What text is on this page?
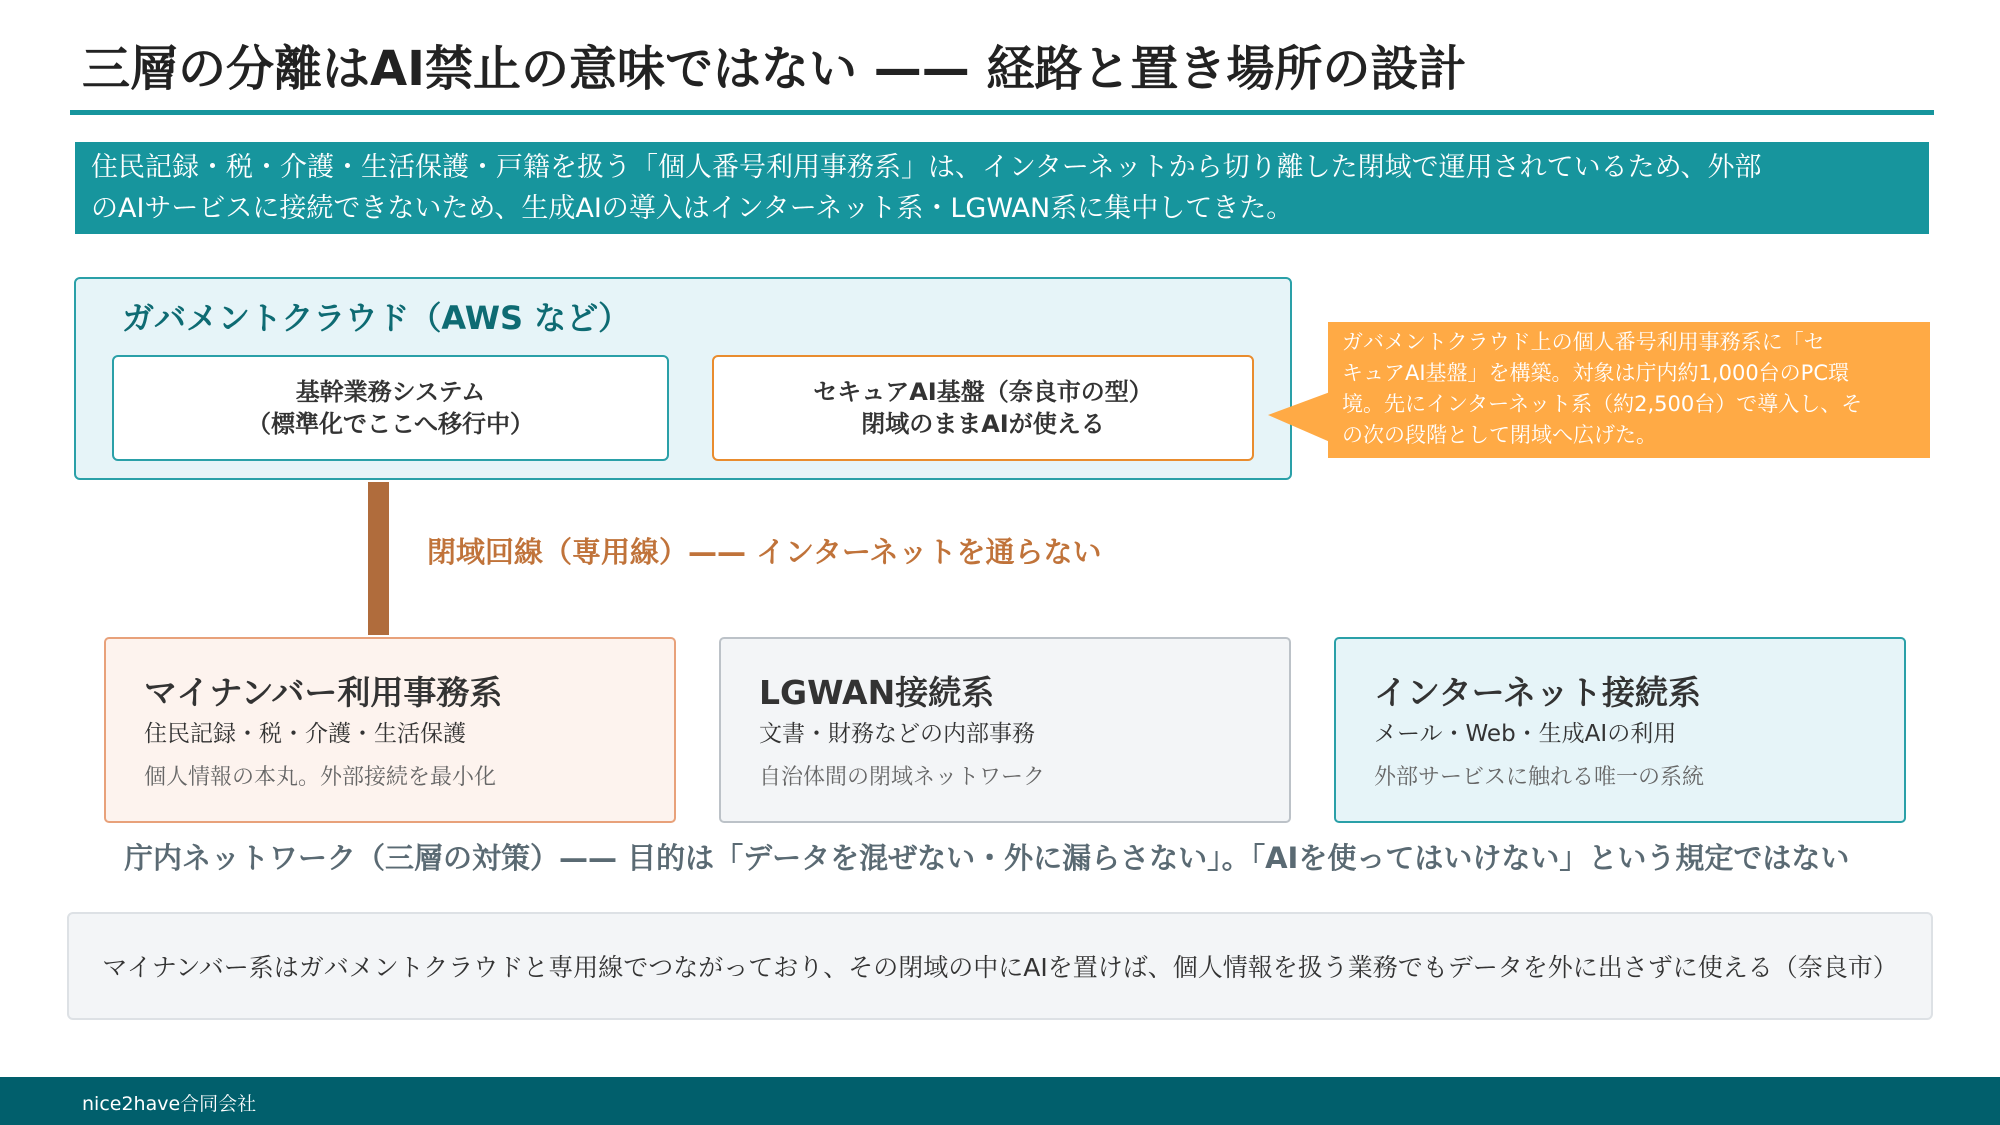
三層の分離はAI禁止の意味ではない —— 経路と置き場所の設計
住民記録・税・介護・生活保護・戸籍を扱う「個人番号利用事務系」は、インターネットから切り離した閉域で運用されているため、外部
のAIサービスに接続できないため、生成AIの導入はインターネット系・LGWAN系に集中してきた。
ガバメントクラウド（AWS など）
基幹業務システム
（標準化でここへ移行中）
セキュアAI基盤（奈良市の型）
閉域のままAIが使える
ガバメントクラウド上の個人番号利用事務系に「セ
キュアAI基盤」を構築。対象は庁内約1,000台のPC環
境。先にインターネット系（約2,500台）で導入し、そ
の次の段階として閉域へ広げた。
閉域回線（専用線）—— インターネットを通らない
マイナンバー利用事務系
住民記録・税・介護・生活保護
個人情報の本丸。外部接続を最小化
LGWAN接続系
文書・財務などの内部事務
自治体間の閉域ネットワーク
インターネット接続系
メール・Web・生成AIの利用
外部サービスに触れる唯一の系統
庁内ネットワーク（三層の対策）—— 目的は「データを混ぜない・外に漏らさない」。「AIを使ってはいけない」という規定ではない
マイナンバー系はガバメントクラウドと専用線でつながっており、その閉域の中にAIを置けば、個人情報を扱う業務でもデータを外に出さずに使える（奈良市）
nice2have合同会社
